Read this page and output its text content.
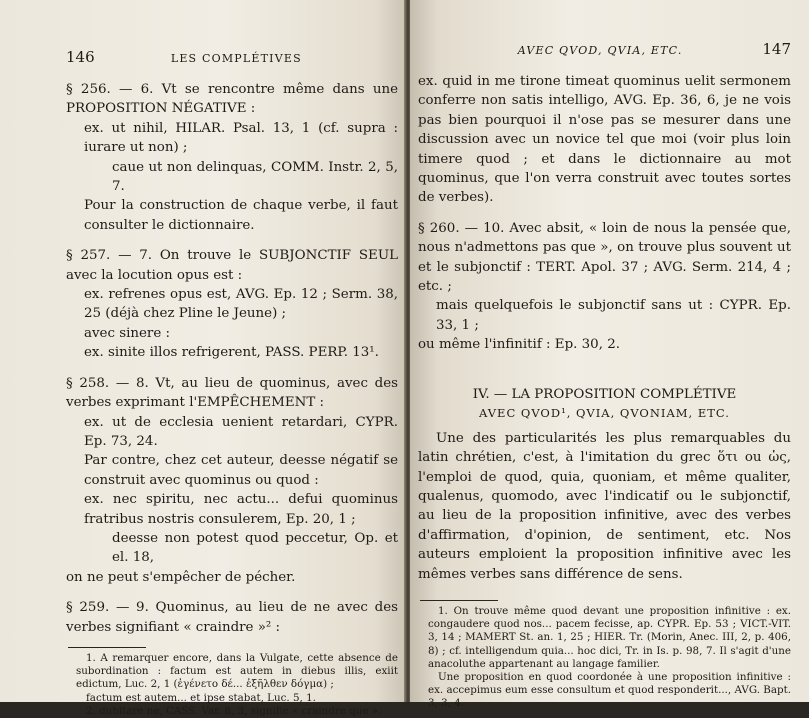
146	LES COMPLÉTIVES

§ 256. — 6. Vt se rencontre même dans une PROPOSITION NÉGATIVE :

ex. ut nihil, HILAR. Psal. 13, 1 (cf. supra : iurare ut non) ;

caue ut non delinquas, COMM. Instr. 2, 5, 7.

Pour la construction de chaque verbe, il faut consulter le dictionnaire.

§ 257. — 7. On trouve le SUBJONCTIF SEUL avec la locution opus est :

ex. refrenes opus est, AVG. Ep. 12 ; Serm. 38, 25 (déjà chez Pline le Jeune) ;

avec sinere :

ex. sinite illos refrigerent, PASS. PERP. 13¹.

§ 258. — 8. Vt, au lieu de quominus, avec des verbes exprimant l'EMPÊCHEMENT :

ex. ut de ecclesia uenient retardari, CYPR. Ep. 73, 24.

Par contre, chez cet auteur, deesse négatif se construit avec quominus ou quod :

ex. nec spiritu, nec actu... defui quominus fratribus nostris consulerem, Ep. 20, 1 ;

deesse non potest quod peccetur, Op. et el. 18,

on ne peut s'empêcher de pécher.

§ 259. — 9. Quominus, au lieu de ne avec des verbes signifiant « craindre »² :

1. A remarquer encore, dans la Vulgate, cette absence de subordination : factum est autem in diebus illis, exiit edictum, Luc. 2, 1 (ἐγένετο δέ... ἐξῆλθεν δόγμα) ;

factum est autem... et ipse stabat, Luc. 5, 1.

2. dubitare ne, CASS. Var. 8, 3, signifie « craindre que ».

AVEC QVOD, QVIA, ETC.	147

ex. quid in me tirone timeat quominus uelit sermonem conferre non satis intelligo, AVG. Ep. 36, 6, je ne vois pas bien pourquoi il n'ose pas se mesurer dans une discussion avec un novice tel que moi (voir plus loin timere quod ; et dans le dictionnaire au mot quominus, que l'on verra construit avec toutes sortes de verbes).

§ 260. — 10. Avec absit, « loin de nous la pensée que, nous n'admettons pas que », on trouve plus souvent ut et le subjonctif : TERT. Apol. 37 ; AVG. Serm. 214, 4 ; etc. ;

mais quelquefois le subjonctif sans ut : CYPR. Ep. 33, 1 ;

ou même l'infinitif : Ep. 30, 2.

IV. — LA PROPOSITION COMPLÉTIVE
AVEC QVOD¹, QVIA, QVONIAM, ETC.

Une des particularités les plus remarquables du latin chrétien, c'est, à l'imitation du grec ὅτι ou ὡς, l'emploi de quod, quia, quoniam, et même qualiter, qualenus, quomodo, avec l'indicatif ou le subjonctif, au lieu de la proposition infinitive, avec des verbes d'affirmation, d'opinion, de sentiment, etc. Nos auteurs emploient la proposition infinitive avec les mêmes verbes sans différence de sens.

1. On trouve même quod devant une proposition infinitive : ex. congaudere quod nos... pacem fecisse, ap. CYPR. Ep. 53 ; VICT.-VIT. 3, 14 ; MAMERT St. an. 1, 25 ; HIER. Tr. (Morin, Anec. III, 2, p. 406, 8) ; cf. intelligendum quia... hoc dici, Tr. in Is. p. 98, 7. Il s'agit d'une anacoluthe appartenant au langage familier.

Une proposition en quod coordonée à une proposition infinitive : ex. accepimus eum esse consultum et quod responderit..., AVG. Bapt. 3, 3, 4.
